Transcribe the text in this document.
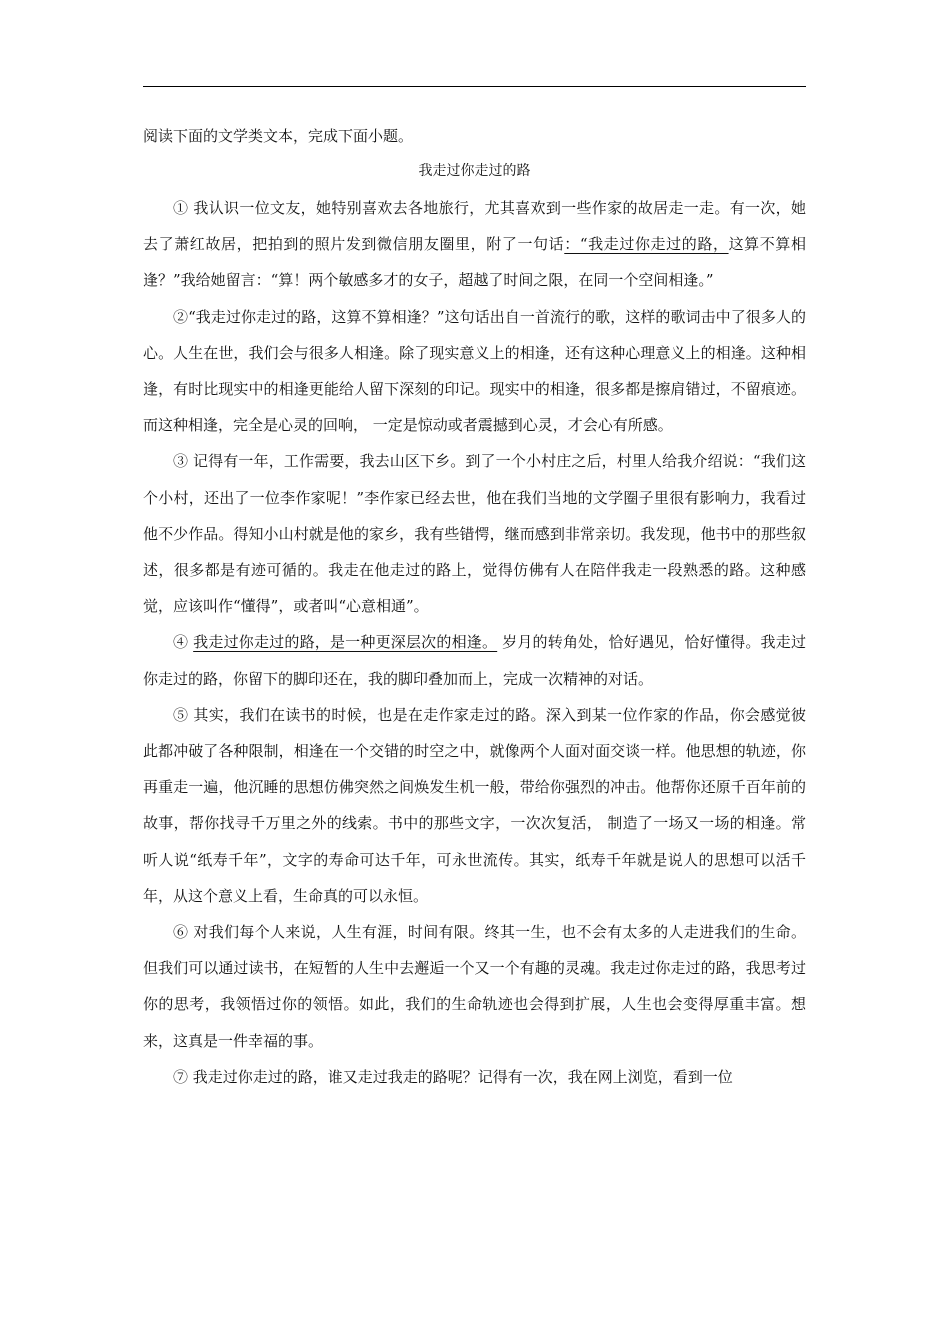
阅读下面的文学类文本，完成下面小题。
我走过你走过的路

① 我认识一位文友，她特别喜欢去各地旅行，尤其喜欢到一些作家的故居走一走。有一次，她去了萧红故居，把拍到的照片发到微信朋友圈里，附了一句话：“我走过你走过的路，这算不算相逢？”我给她留言：“算！两个敏感多才的女子，超越了时间之限，在同一个空间相逢。”

②“我走过你走过的路，这算不算相逢？”这句话出自一首流行的歌，这样的歌词击中了很多人的心。人生在世，我们会与很多人相逢。除了现实意义上的相逢，还有这种心理意义上的相逢。这种相逢，有时比现实中的相逢更能给人留下深刻的印记。现实中的相逢，很多都是擦肩错过，不留痕迹。而这种相逢，完全是心灵的回响， 一定是惊动或者震撼到心灵，才会心有所感。

③ 记得有一年，工作需要，我去山区下乡。到了一个小村庄之后，村里人给我介绍说：“我们这个小村，还出了一位李作家呢！”李作家已经去世，他在我们当地的文学圈子里很有影响力，我看过他不少作品。得知小山村就是他的家乡，我有些错愕，继而感到非常亲切。我发现，他书中的那些叙述，很多都是有迹可循的。我走在他走过的路上，觉得仿佛有人在陪伴我走一段熟悉的路。这种感觉，应该叫作“懂得”，或者叫“心意相通”。

④ 我走过你走过的路，是一种更深层次的相逢。 岁月的转角处，恰好遇见，恰好懂得。我走过你走过的路，你留下的脚印还在，我的脚印叠加而上，完成一次精神的对话。

⑤ 其实，我们在读书的时候，也是在走作家走过的路。深入到某一位作家的作品，你会感觉彼此都冲破了各种限制，相逢在一个交错的时空之中，就像两个人面对面交谈一样。他思想的轨迹，你再重走一遍，他沉睡的思想仿佛突然之间焕发生机一般，带给你强烈的冲击。他帮你还原千百年前的故事，帮你找寻千万里之外的线索。书中的那些文字，一次次复活， 制造了一场又一场的相逢。常听人说“纸寿千年”，文字的寿命可达千年，可永世流传。其实，纸寿千年就是说人的思想可以活千年，从这个意义上看，生命真的可以永恒。

⑥ 对我们每个人来说，人生有涯，时间有限。终其一生，也不会有太多的人走进我们的生命。但我们可以通过读书，在短暂的人生中去邂逅一个又一个有趣的灵魂。我走过你走过的路，我思考过你的思考，我领悟过你的领悟。如此，我们的生命轨迹也会得到扩展，人生也会变得厚重丰富。想来，这真是一件幸福的事。

⑦ 我走过你走过的路，谁又走过我走的路呢？记得有一次，我在网上浏览，看到一位
